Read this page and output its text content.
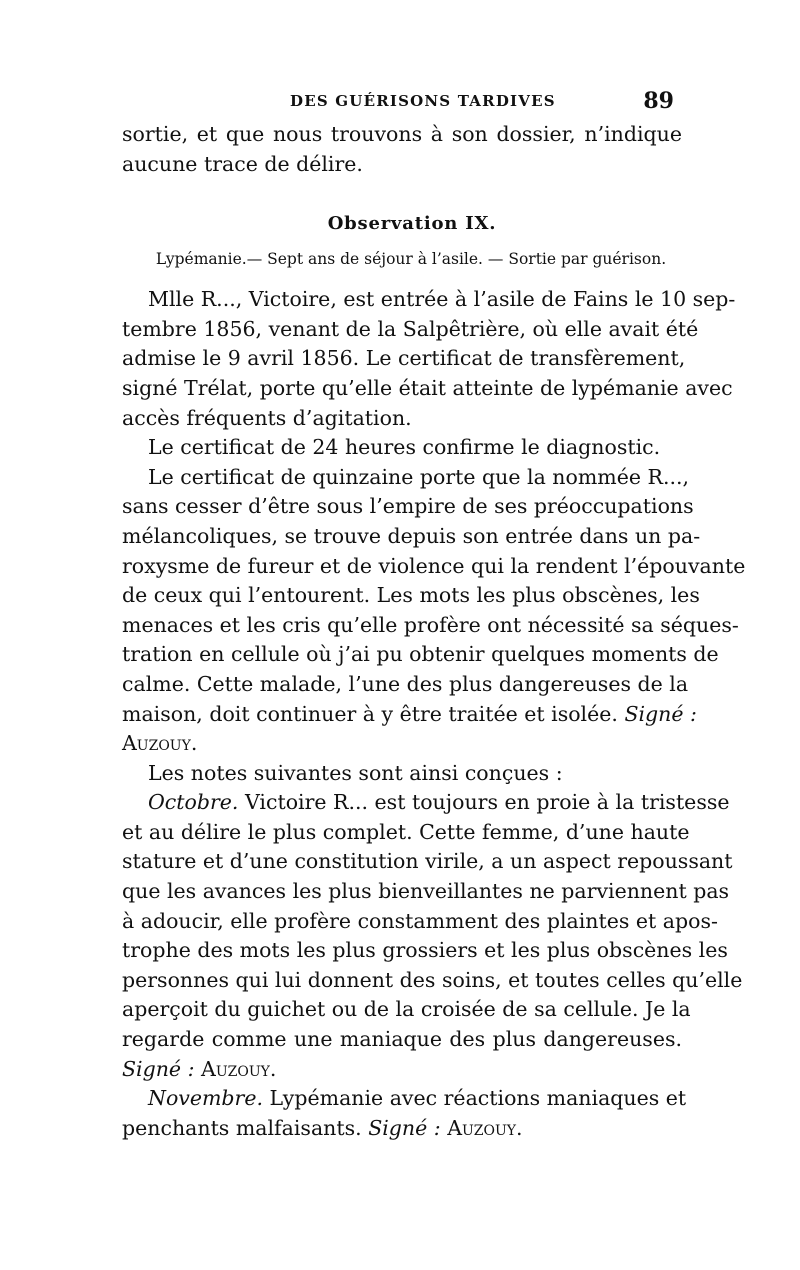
DES GUÉRISONS TARDIVES	89
sortie, et que nous trouvons à son dossier, n’indique
aucune trace de délire.
Observation IX.
Lypémanie.— Sept ans de séjour à l’asile. — Sortie par guérison.
Mlle R..., Victoire, est entrée à l’asile de Fains le 10 sep-
tembre 1856, venant de la Salpêtrière, où elle avait été
admise le 9 avril 1856. Le certificat de transfèrement,
signé Trélat, porte qu’elle était atteinte de lypémanie avec
accès fréquents d’agitation.
Le certificat de 24 heures confirme le diagnostic.
Le certificat de quinzaine porte que la nommée R...,
sans cesser d’être sous l’empire de ses préoccupations
mélancoliques, se trouve depuis son entrée dans un pa-
roxysme de fureur et de violence qui la rendent l’épouvante
de ceux qui l’entourent. Les mots les plus obscènes, les
menaces et les cris qu’elle profère ont nécessité sa séques-
tration en cellule où j’ai pu obtenir quelques moments de
calme. Cette malade, l’une des plus dangereuses de la
maison, doit continuer à y être traitée et isolée. Signé :
Auzouy.
Les notes suivantes sont ainsi conçues :
Octobre. Victoire R... est toujours en proie à la tristesse
et au délire le plus complet. Cette femme, d’une haute
stature et d’une constitution virile, a un aspect repoussant
que les avances les plus bienveillantes ne parviennent pas
à adoucir, elle profère constamment des plaintes et apos-
trophe des mots les plus grossiers et les plus obscènes les
personnes qui lui donnent des soins, et toutes celles qu’elle
aperçoit du guichet ou de la croisée de sa cellule. Je la
regarde comme une maniaque des plus dangereuses.
Signé : Auzouy.
Novembre. Lypémanie avec réactions maniaques et
penchants malfaisants. Signé : Auzouy.
